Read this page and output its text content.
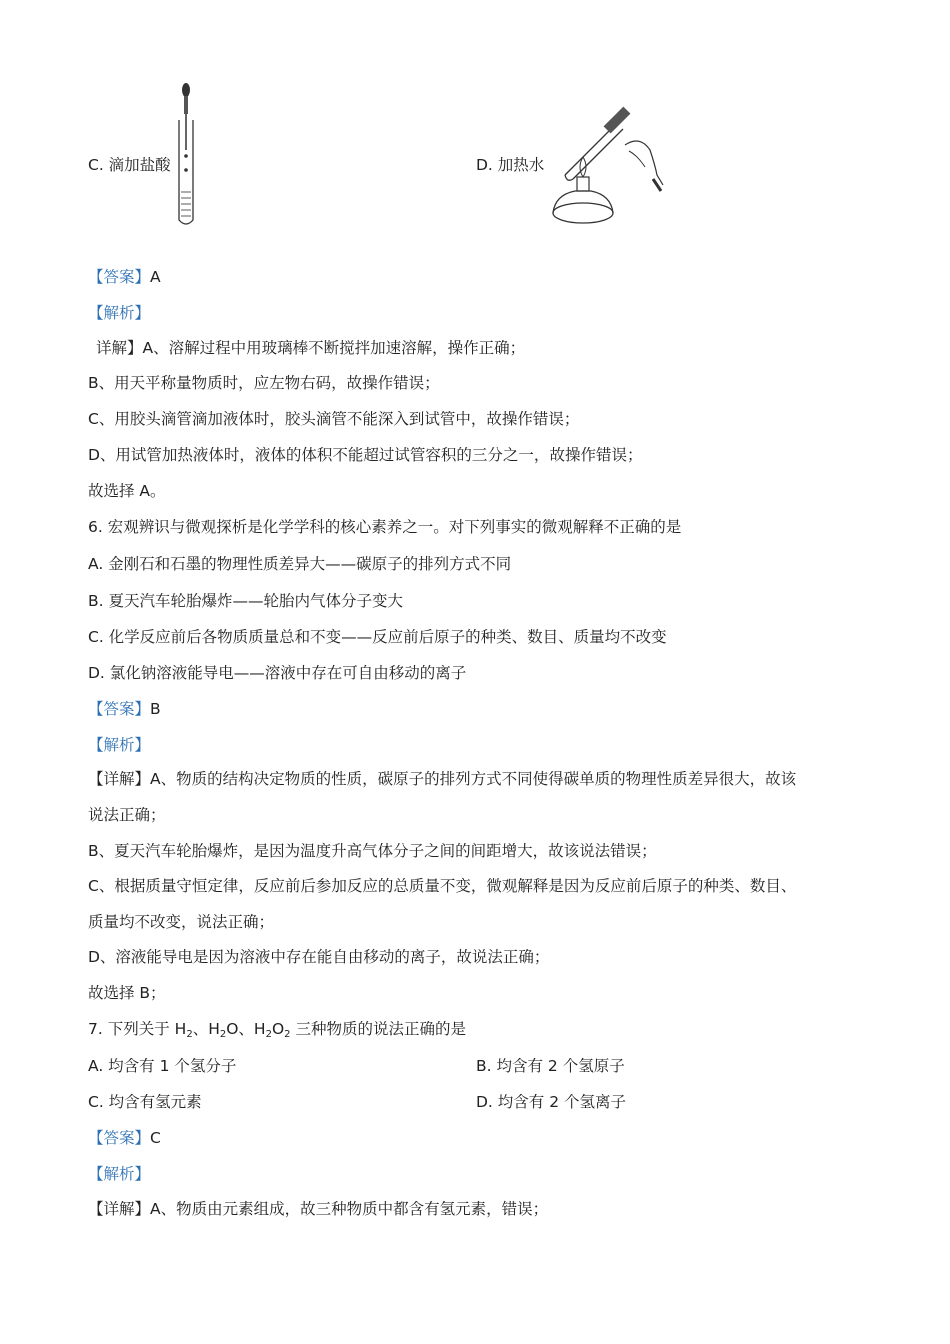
C. 滴加盐酸	D. 加热水
【答案】A
【解析】
详解】A、溶解过程中用玻璃棒不断搅拌加速溶解，操作正确；
B、用天平称量物质时，应左物右码，故操作错误；
C、用胶头滴管滴加液体时，胶头滴管不能深入到试管中，故操作错误；
D、用试管加热液体时，液体的体积不能超过试管容积的三分之一，故操作错误；
故选择 A。
6. 宏观辨识与微观探析是化学学科的核心素养之一。对下列事实的微观解释不正确的是
A. 金刚石和石墨的物理性质差异大——碳原子的排列方式不同
B. 夏天汽车轮胎爆炸——轮胎内气体分子变大
C. 化学反应前后各物质质量总和不变——反应前后原子的种类、数目、质量均不改变
D. 氯化钠溶液能导电——溶液中存在可自由移动的离子
【答案】B
【解析】
【详解】A、物质的结构决定物质的性质，碳原子的排列方式不同使得碳单质的物理性质差异很大，故该
说法正确；
B、夏天汽车轮胎爆炸，是因为温度升高气体分子之间的间距增大，故该说法错误；
C、根据质量守恒定律，反应前后参加反应的总质量不变，微观解释是因为反应前后原子的种类、数目、
质量均不改变，说法正确；
D、溶液能导电是因为溶液中存在能自由移动的离子，故说法正确；
故选择 B；
7. 下列关于 $H_2$、$H_2O$、$H_2O_2$ 三种物质的说法正确的是
A. 均含有 1 个氢分子	B. 均含有 2 个氢原子
C. 均含有氢元素	D. 均含有 2 个氢离子
【答案】C
【解析】
【详解】A、物质由元素组成，故三种物质中都含有氢元素，错误；
